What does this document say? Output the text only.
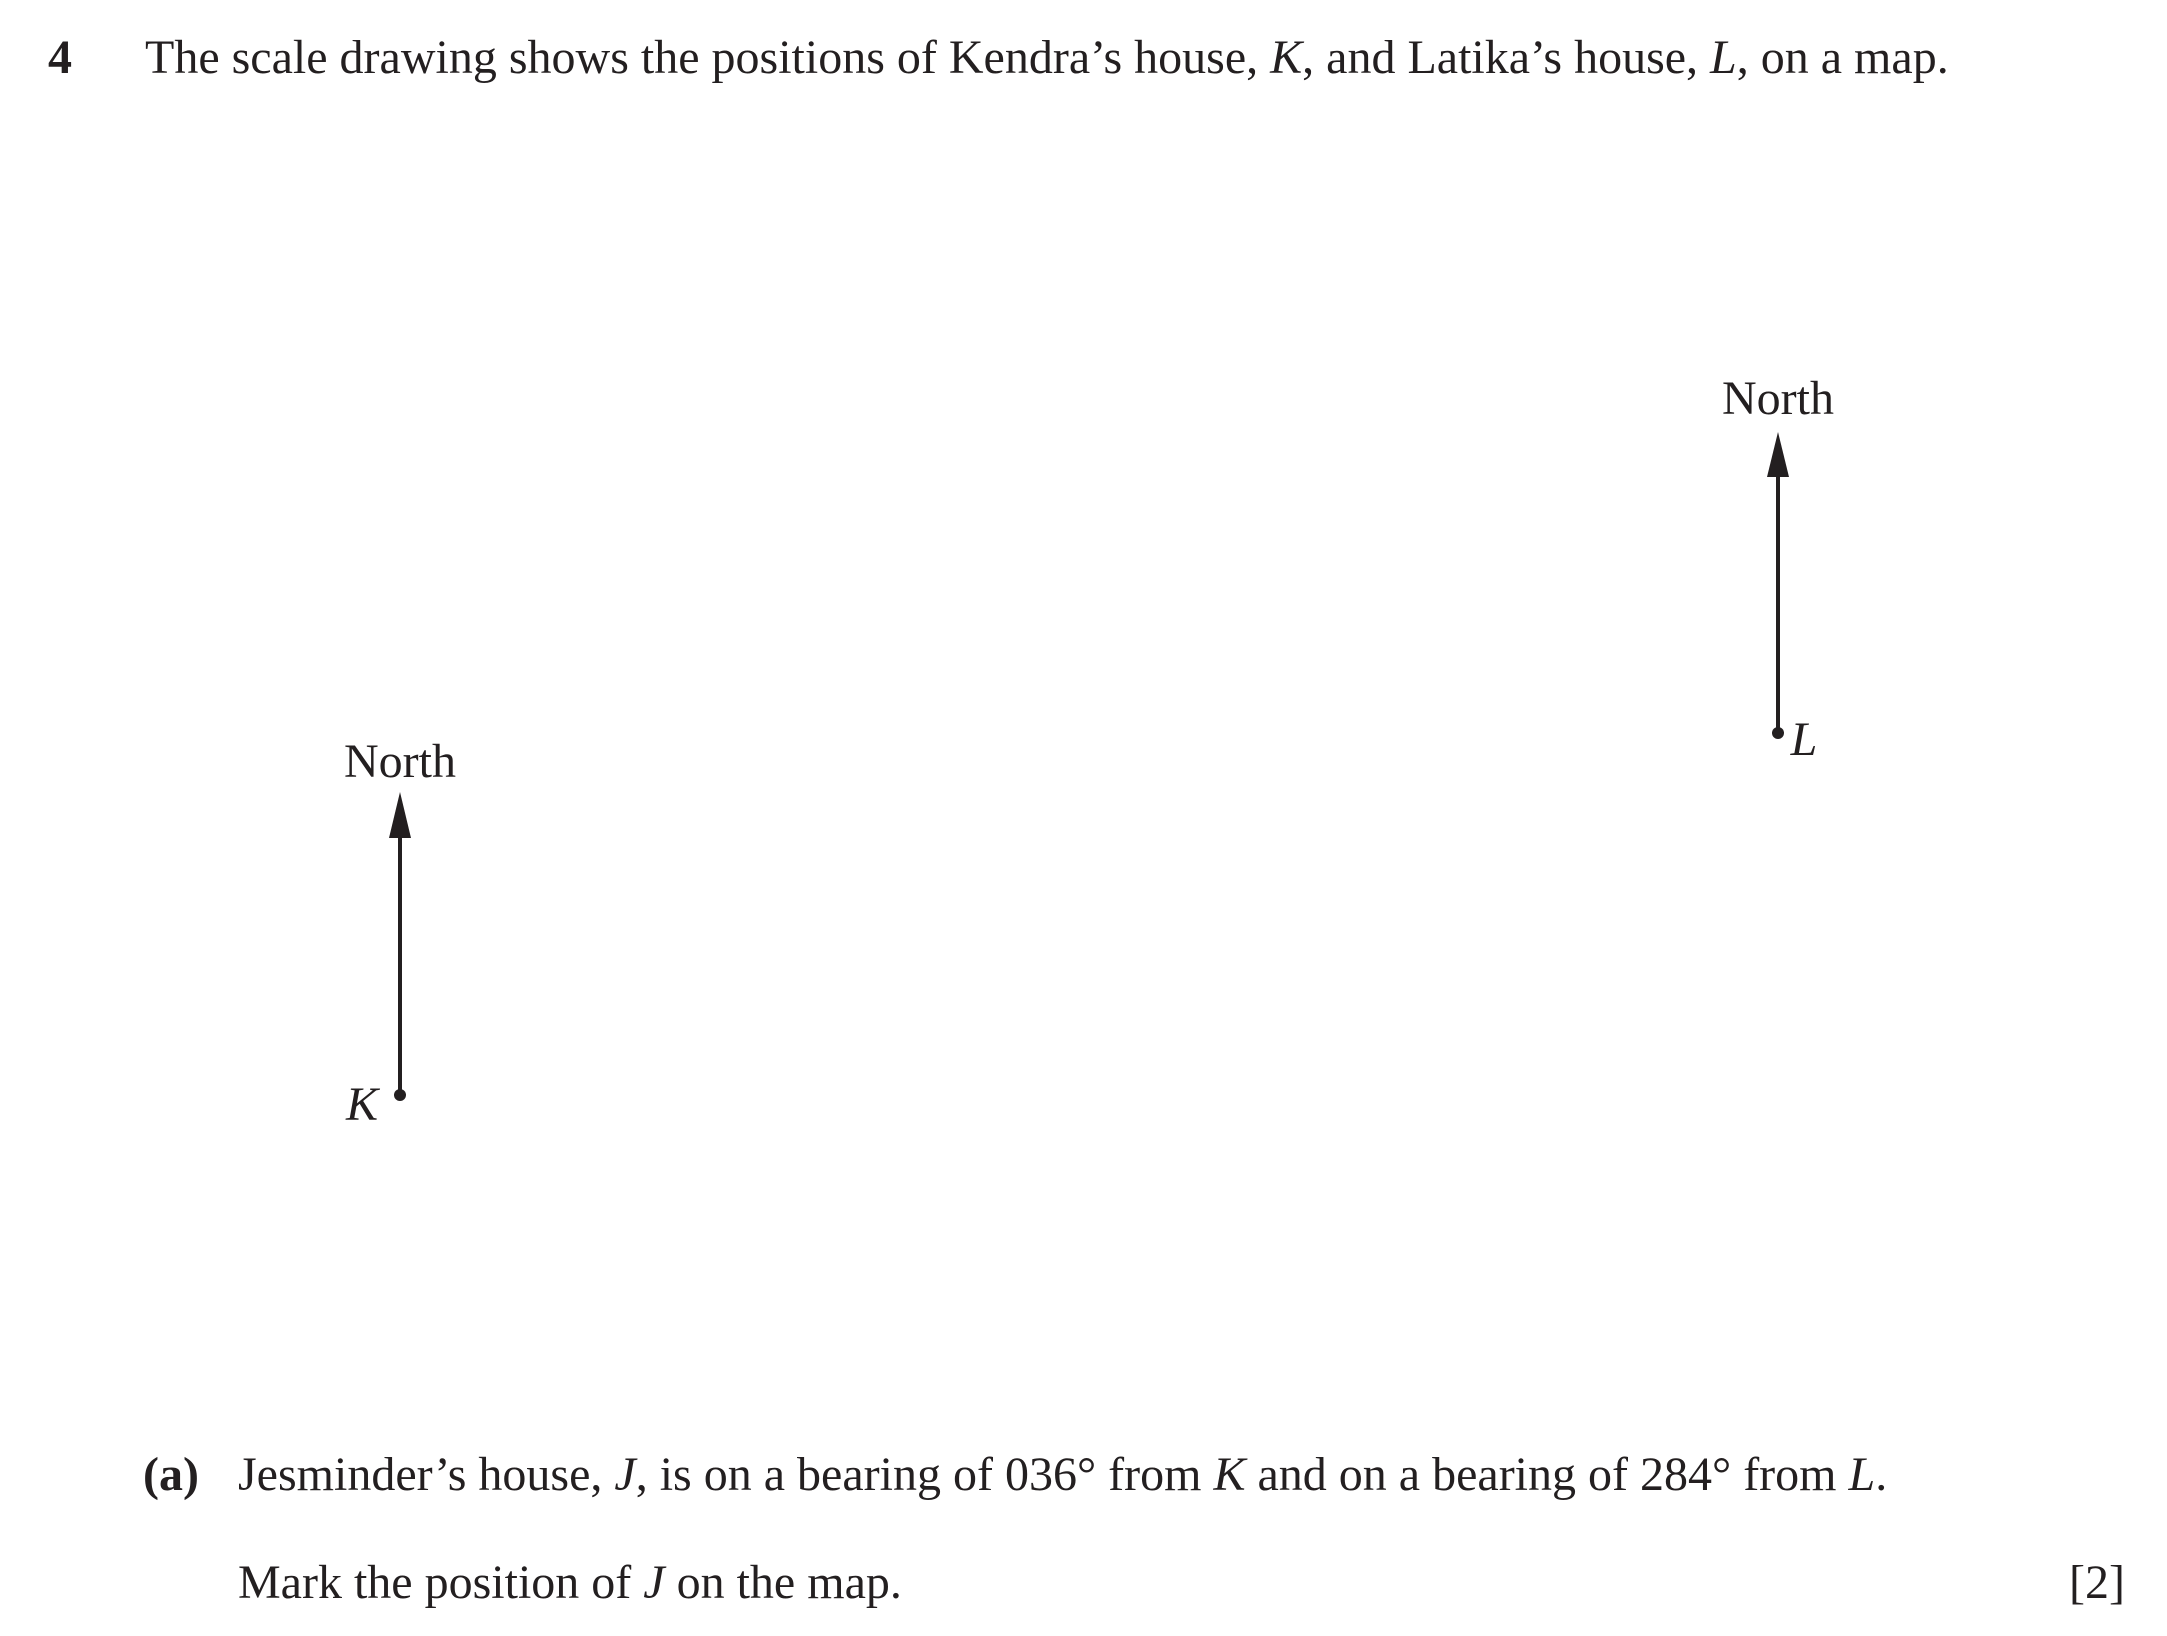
4 The scale drawing shows the positions of Kendra’s house, K, and Latika’s house, L, on a map.
North
K
North
L
(a) Jesminder’s house, J, is on a bearing of 036° from K and on a bearing of 284° from L.
Mark the position of J on the map.	[2]
